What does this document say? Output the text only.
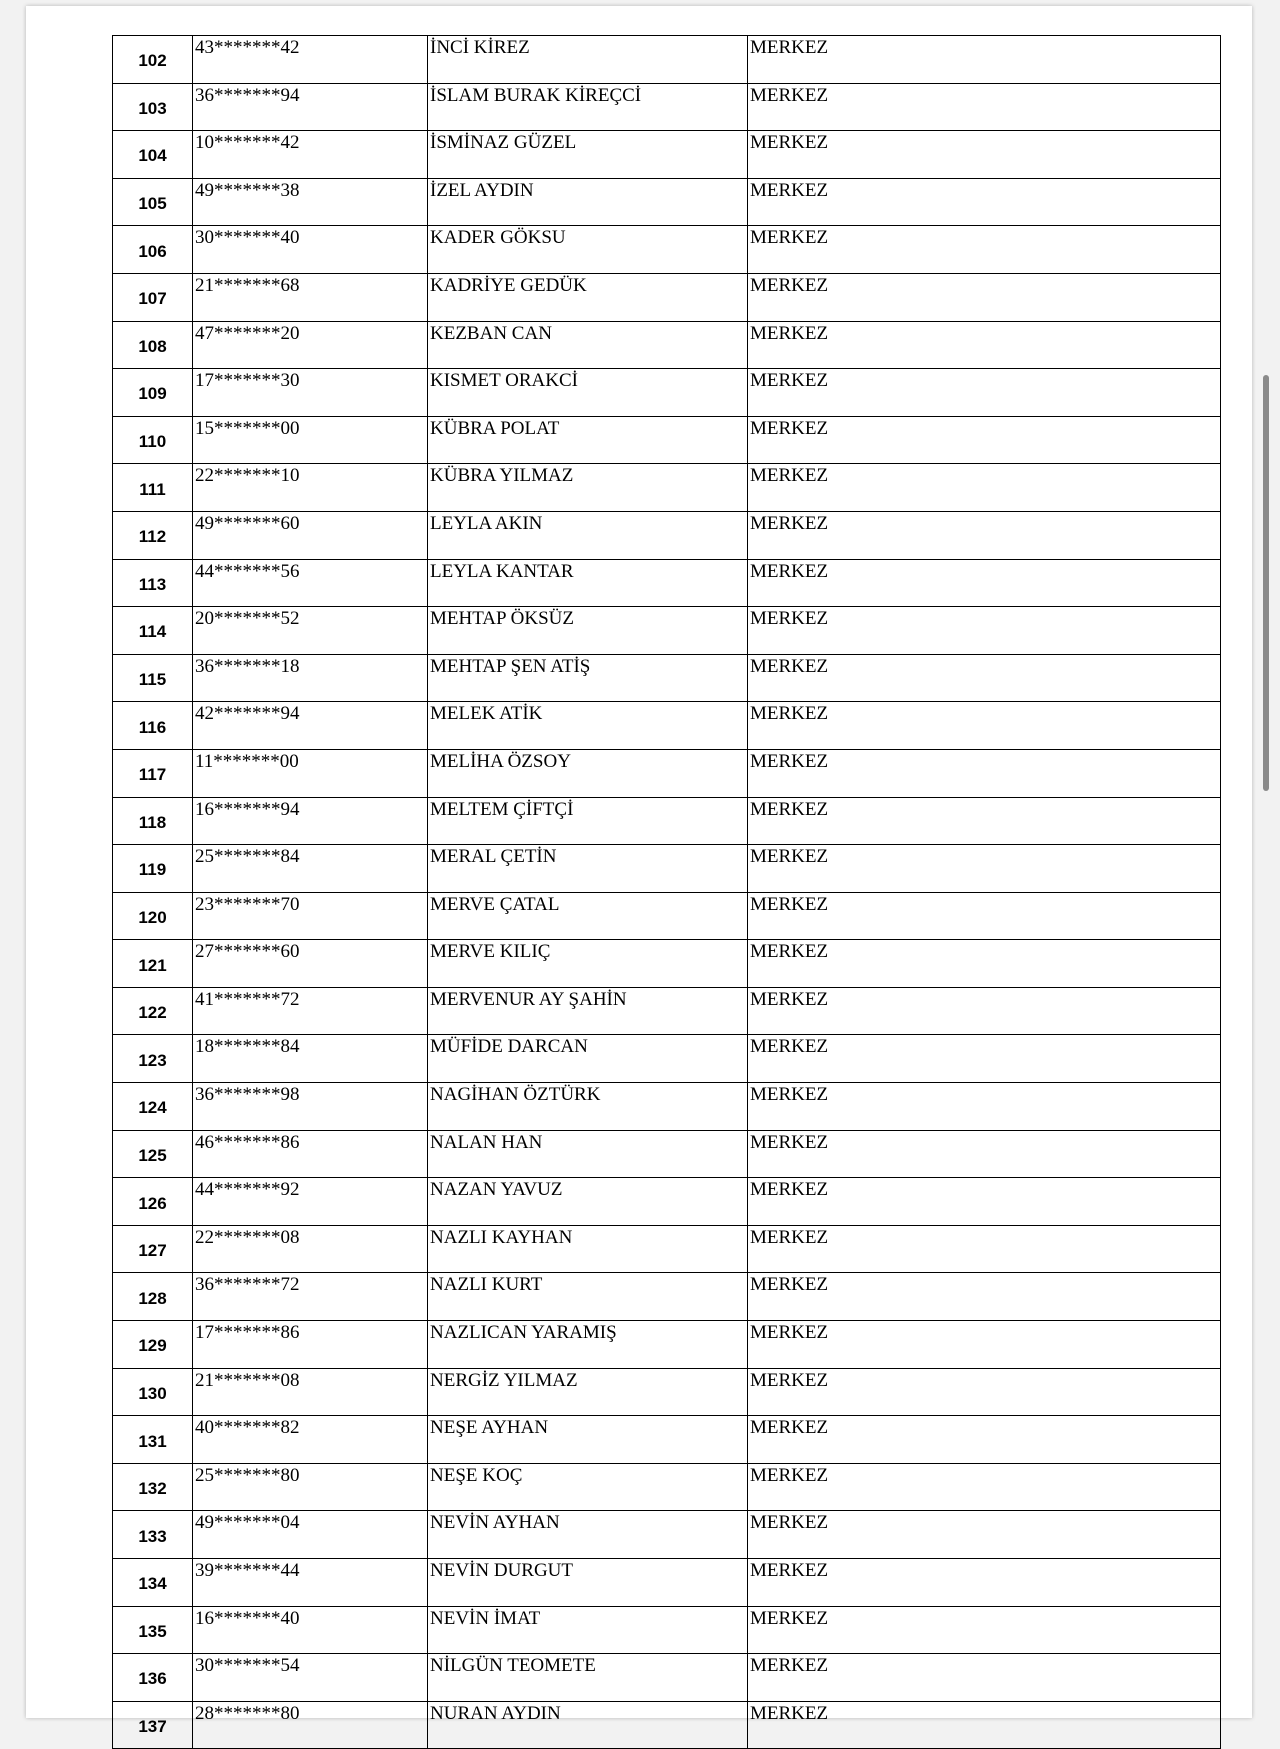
102	43*******42	İNCİ KİREZ	MERKEZ
103	36*******94	İSLAM BURAK KİREÇCİ	MERKEZ
104	10*******42	İSMİNAZ GÜZEL	MERKEZ
105	49*******38	İZEL AYDIN	MERKEZ
106	30*******40	KADER GÖKSU	MERKEZ
107	21*******68	KADRİYE GEDÜK	MERKEZ
108	47*******20	KEZBAN CAN	MERKEZ
109	17*******30	KISMET ORAKCİ	MERKEZ
110	15*******00	KÜBRA POLAT	MERKEZ
111	22*******10	KÜBRA YILMAZ	MERKEZ
112	49*******60	LEYLA AKIN	MERKEZ
113	44*******56	LEYLA KANTAR	MERKEZ
114	20*******52	MEHTAP ÖKSÜZ	MERKEZ
115	36*******18	MEHTAP ŞEN ATİŞ	MERKEZ
116	42*******94	MELEK ATİK	MERKEZ
117	11*******00	MELİHA ÖZSOY	MERKEZ
118	16*******94	MELTEM ÇİFTÇİ	MERKEZ
119	25*******84	MERAL ÇETİN	MERKEZ
120	23*******70	MERVE ÇATAL	MERKEZ
121	27*******60	MERVE KILIÇ	MERKEZ
122	41*******72	MERVENUR AY ŞAHİN	MERKEZ
123	18*******84	MÜFİDE DARCAN	MERKEZ
124	36*******98	NAGİHAN ÖZTÜRK	MERKEZ
125	46*******86	NALAN HAN	MERKEZ
126	44*******92	NAZAN YAVUZ	MERKEZ
127	22*******08	NAZLI KAYHAN	MERKEZ
128	36*******72	NAZLI KURT	MERKEZ
129	17*******86	NAZLICAN YARAMIŞ	MERKEZ
130	21*******08	NERGİZ YILMAZ	MERKEZ
131	40*******82	NEŞE AYHAN	MERKEZ
132	25*******80	NEŞE KOÇ	MERKEZ
133	49*******04	NEVİN AYHAN	MERKEZ
134	39*******44	NEVİN DURGUT	MERKEZ
135	16*******40	NEVİN İMAT	MERKEZ
136	30*******54	NİLGÜN TEOMETE	MERKEZ
137	28*******80	NURAN AYDIN	MERKEZ
